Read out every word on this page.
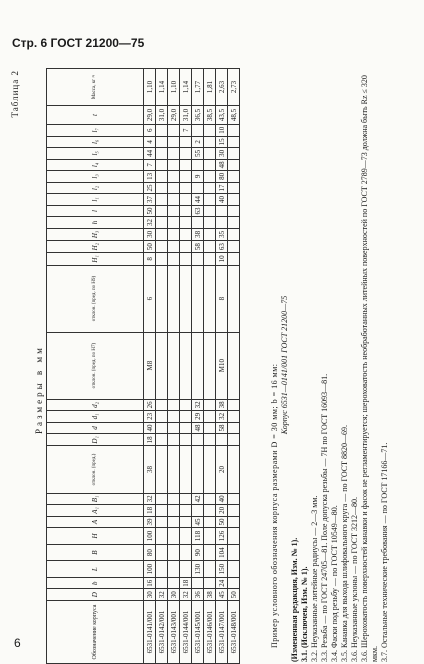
Стр. 6 ГОСТ 21200—75
Таблица 2
Размеры в мм
Обозначение корпуса	D	b	L	B	H	A	A₁	B₁	отклон. (пред.)	D₁	d	d₁	d₂	отклон. (пред. по H7)	отклон. (пред. по H9)	H₁	H₂	H₃	h	l	l₁	l₂	l₃	l₄	l₅	l₆	l₇	t	Масса, кг ≈
6531-0141/001	30	16	100	80	100	39	18	32	38	18	40	23	26	М8	6	8	50	30	32	50	37	25	13	7	44	4	6	29,0	1,10
6531-0142/001	32																											31,0	1,14
6531-0143/001	30																											29,0	1,10
6531-0144/001	32	18																									7	31,0	1,14
6531-0145/001	36		130	90	118	45		42			48	29	32				58	38		63	44		9		55	2		36,5	1,77
6531-0146/001	38																											38,5	1,81
6531-0147/001	45	24	150	104	126	50	20	40	20		58	32	38	М10	8	10	63	35			40	17	80	48	30	15	10	43,5	2,63
6531-0148/001	50																											48,5	2,73

Пример условного обозначения корпуса размерами D = 30 мм; b = 16 мм: Корпус 6531—0141/001 ГОСТ 21200—75

(Измененная редакция, Изм. № 1). 3.1. (Исключен, Изм. № 1). 3.2. Неуказанные литейные радиусы — 2—3 мм. 3.3. Резьба — по ГОСТ 24705—81. Поле допуска резьбы — 7Н по ГОСТ 16093—81. 3.4. Фаски под резьбу — по ГОСТ 10549—80. 3.5. Канавка для выхода шлифовального круга — по ГОСТ 8820—69. 3.6. Неуказанные уклоны — по ГОСТ 3212—80. 3.6. Шероховатость поверхностей канавки и фасок не регламентируется; шероховатость необработанных литейных поверхностей по ГОСТ 2789—73 должна быть Rz ≤ 320 мкм. 3.7. Остальные технические требования — по ГОСТ 17166—71.

6
